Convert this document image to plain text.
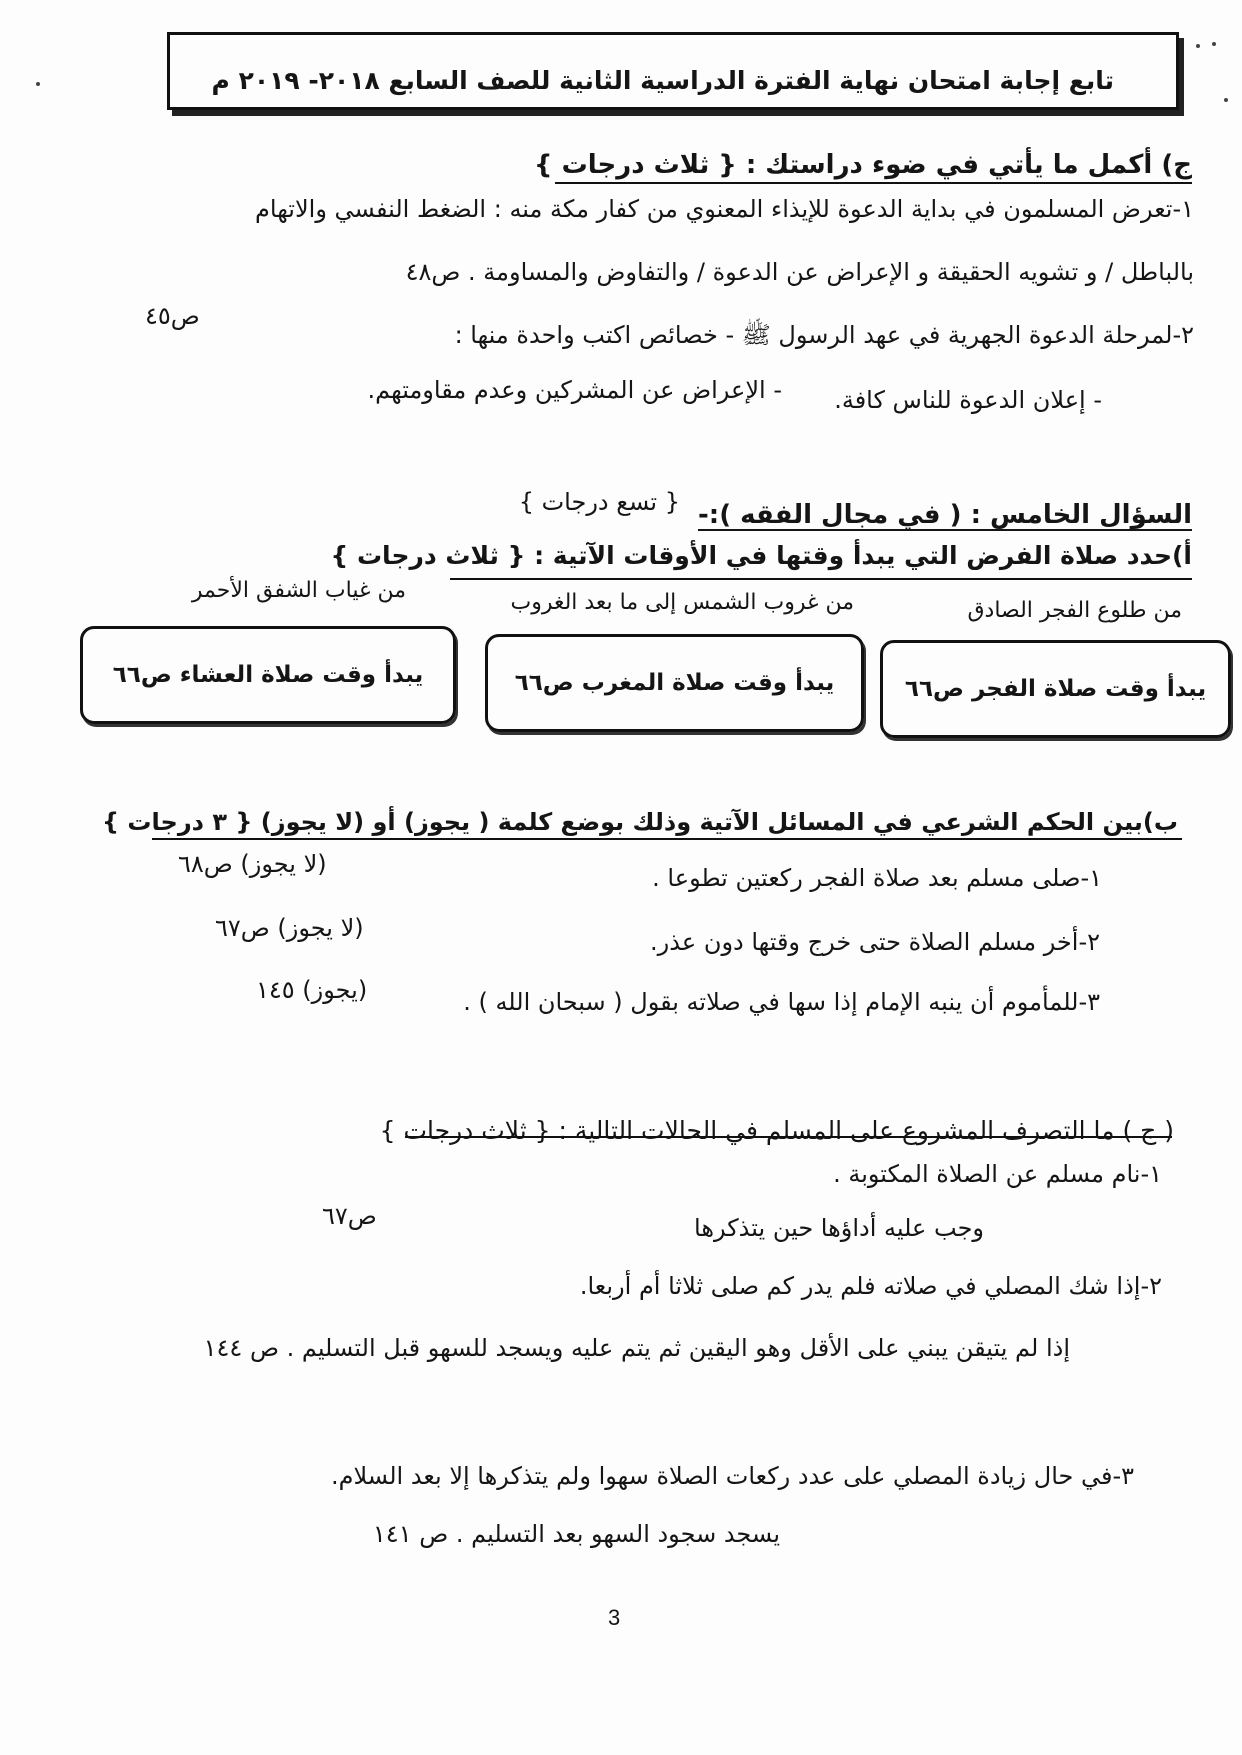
تابع إجابة امتحان نهاية الفترة الدراسية الثانية للصف السابع ٢٠١٨- ٢٠١٩ م
ج) أكمل ما يأتي في ضوء دراستك : { ثلاث درجات }
١-تعرض المسلمون في بداية الدعوة للإيذاء المعنوي من كفار مكة منه : الضغط النفسي والاتهام
بالباطل / و تشويه الحقيقة و الإعراض عن الدعوة / والتفاوض والمساومة . ص٤٨
٢-لمرحلة الدعوة الجهرية في عهد الرسول ﷺ - خصائص اكتب واحدة منها :
ص٤٥
- إعلان الدعوة للناس كافة.
- الإعراض عن المشركين وعدم مقاومتهم.
السؤال الخامس : ( في مجال الفقه ):-
{ تسع درجات }
أ)حدد صلاة الفرض التي يبدأ وقتها في الأوقات الآتية : { ثلاث درجات }
من طلوع الفجر الصادق
من غروب الشمس إلى ما بعد الغروب
من غياب الشفق الأحمر
يبدأ وقت صلاة الفجر ص٦٦
يبدأ وقت صلاة المغرب ص٦٦
يبدأ وقت صلاة العشاء ص٦٦
ب)بين الحكم الشرعي في المسائل الآتية وذلك بوضع كلمة ( يجوز) أو (لا يجوز) { ٣ درجات }
١-صلى مسلم بعد صلاة الفجر ركعتين تطوعا .
(لا يجوز) ص٦٨
٢-أخر مسلم الصلاة حتى خرج وقتها دون عذر.
(لا يجوز) ص٦٧
٣-للمأموم أن ينبه الإمام إذا سها في صلاته بقول ( سبحان الله ) .
(يجوز) ١٤٥
( ج ) ما التصرف المشروع على المسلم في الحالات التالية : { ثلاث درجات }
١-نام مسلم عن الصلاة المكتوبة .
وجب عليه أداؤها حين يتذكرها
ص٦٧
٢-إذا شك المصلي في صلاته فلم يدر كم صلى ثلاثا أم أربعا.
إذا لم يتيقن يبني على الأقل وهو اليقين ثم يتم عليه ويسجد للسهو قبل التسليم . ص ١٤٤
٣-في حال زيادة المصلي على عدد ركعات الصلاة سهوا ولم يتذكرها إلا بعد السلام.
يسجد سجود السهو بعد التسليم . ص ١٤١
3
